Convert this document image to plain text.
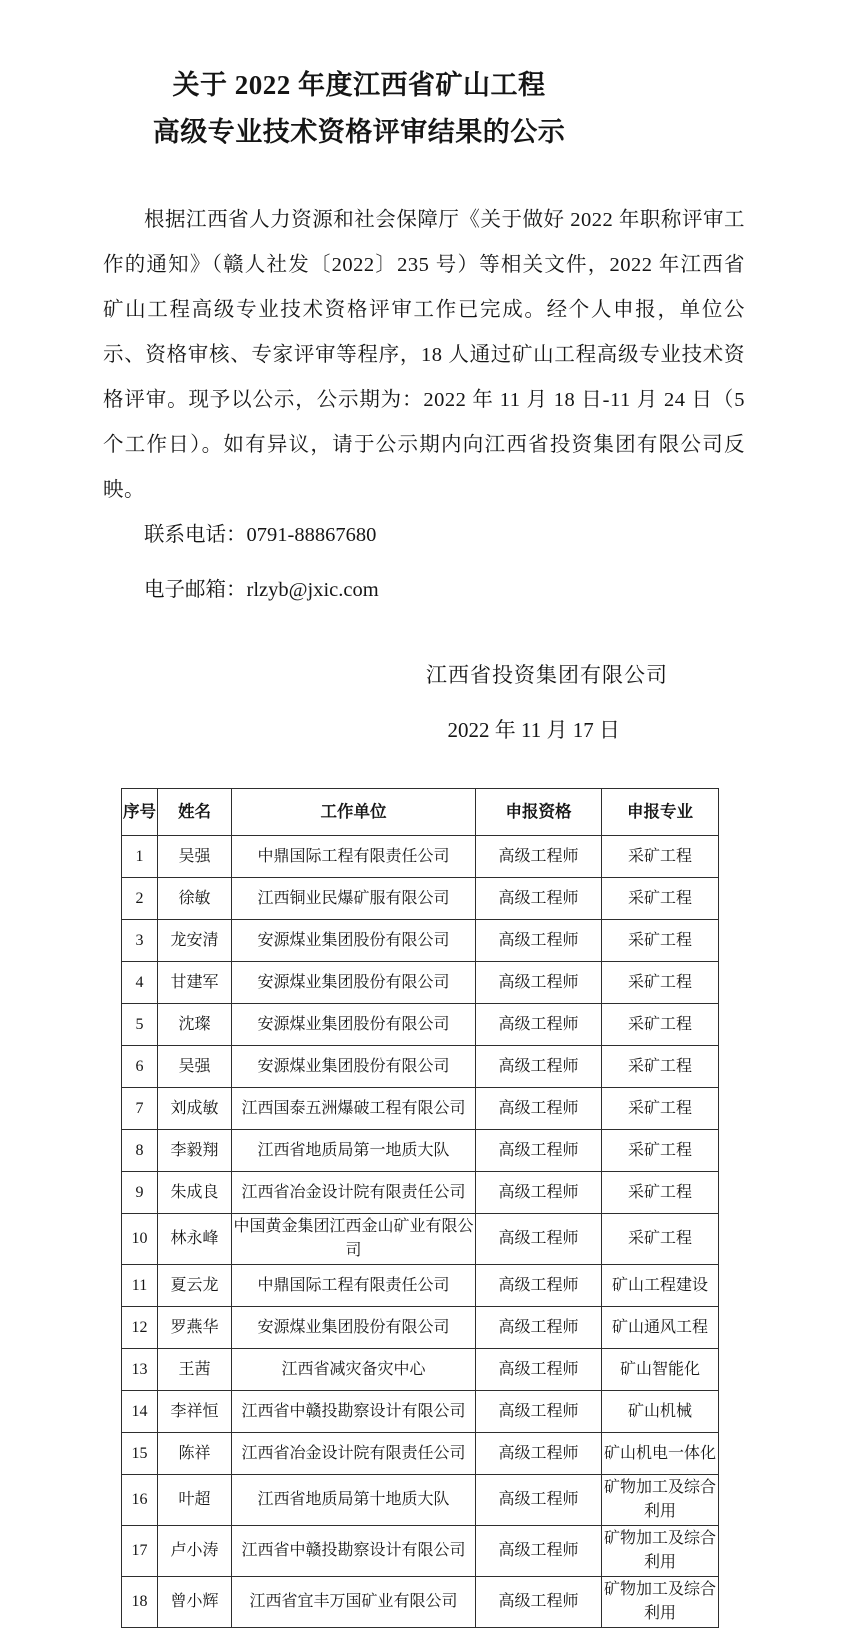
关于 2022 年度江西省矿山工程
高级专业技术资格评审结果的公示

根据江西省人力资源和社会保障厅《关于做好 2022 年职称评审工作的通知》（赣人社发〔2022〕235 号）等相关文件，2022 年江西省矿山工程高级专业技术资格评审工作已完成。经个人申报，单位公示、资格审核、专家评审等程序，18 人通过矿山工程高级专业技术资格评审。现予以公示，公示期为：2022 年 11 月 18 日-11 月 24 日（5 个工作日）。如有异议，请于公示期内向江西省投资集团有限公司反映。

联系电话：0791-88867680

电子邮箱：rlzyb@jxic.com

江西省投资集团有限公司
2022 年 11 月 17 日
序号	姓名	工作单位	申报资格	申报专业
1	吴强	中鼎国际工程有限责任公司	高级工程师	采矿工程
2	徐敏	江西铜业民爆矿服有限公司	高级工程师	采矿工程
3	龙安清	安源煤业集团股份有限公司	高级工程师	采矿工程
4	甘建军	安源煤业集团股份有限公司	高级工程师	采矿工程
5	沈璨	安源煤业集团股份有限公司	高级工程师	采矿工程
6	吴强	安源煤业集团股份有限公司	高级工程师	采矿工程
7	刘成敏	江西国泰五洲爆破工程有限公司	高级工程师	采矿工程
8	李毅翔	江西省地质局第一地质大队	高级工程师	采矿工程
9	朱成良	江西省冶金设计院有限责任公司	高级工程师	采矿工程
10	林永峰	中国黄金集团江西金山矿业有限公司	高级工程师	采矿工程
11	夏云龙	中鼎国际工程有限责任公司	高级工程师	矿山工程建设
12	罗燕华	安源煤业集团股份有限公司	高级工程师	矿山通风工程
13	王茜	江西省减灾备灾中心	高级工程师	矿山智能化
14	李祥恒	江西省中赣投勘察设计有限公司	高级工程师	矿山机械
15	陈祥	江西省冶金设计院有限责任公司	高级工程师	矿山机电一体化
16	叶超	江西省地质局第十地质大队	高级工程师	矿物加工及综合利用
17	卢小涛	江西省中赣投勘察设计有限公司	高级工程师	矿物加工及综合利用
18	曾小辉	江西省宜丰万国矿业有限公司	高级工程师	矿物加工及综合利用
